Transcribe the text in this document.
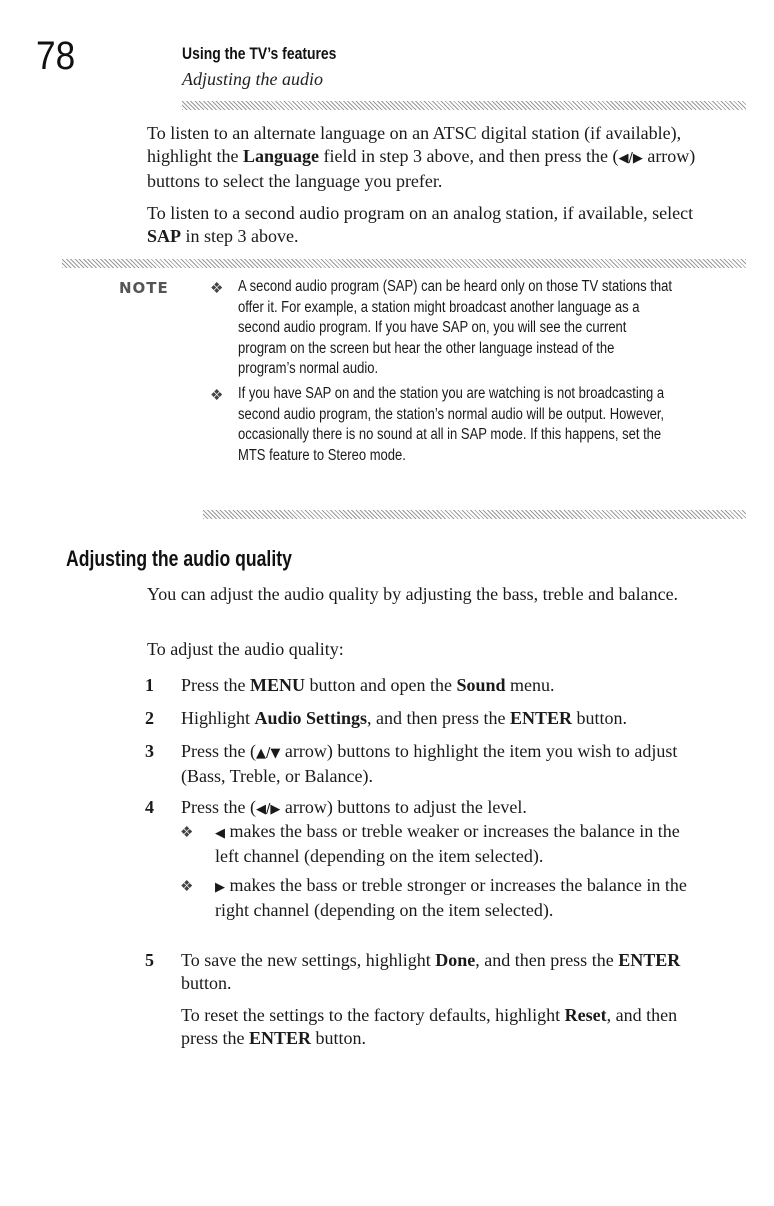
78	Using the TV’s features
Adjusting the audio

To listen to an alternate language on an ATSC digital station (if available), highlight the Language field in step 3 above, and then press the (◀/▶ arrow) buttons to select the language you prefer.

To listen to a second audio program on an analog station, if available, select SAP in step 3 above.

NOTE	❖ A second audio program (SAP) can be heard only on those TV stations that offer it. For example, a station might broadcast another language as a second audio program. If you have SAP on, you will see the current program on the screen but hear the other language instead of the program’s normal audio.

❖ If you have SAP on and the station you are watching is not broadcasting a second audio program, the station’s normal audio will be output. However, occasionally there is no sound at all in SAP mode. If this happens, set the MTS feature to Stereo mode.

Adjusting the audio quality

You can adjust the audio quality by adjusting the bass, treble and balance.

To adjust the audio quality:

1 Press the MENU button and open the Sound menu.

2 Highlight Audio Settings, and then press the ENTER button.

3 Press the (▲/▼ arrow) buttons to highlight the item you wish to adjust (Bass, Treble, or Balance).

4 Press the (◀/▶ arrow) buttons to adjust the level.

❖ ◀ makes the bass or treble weaker or increases the balance in the left channel (depending on the item selected).

❖ ▶ makes the bass or treble stronger or increases the balance in the right channel (depending on the item selected).

5 To save the new settings, highlight Done, and then press the ENTER button.

To reset the settings to the factory defaults, highlight Reset, and then press the ENTER button.
